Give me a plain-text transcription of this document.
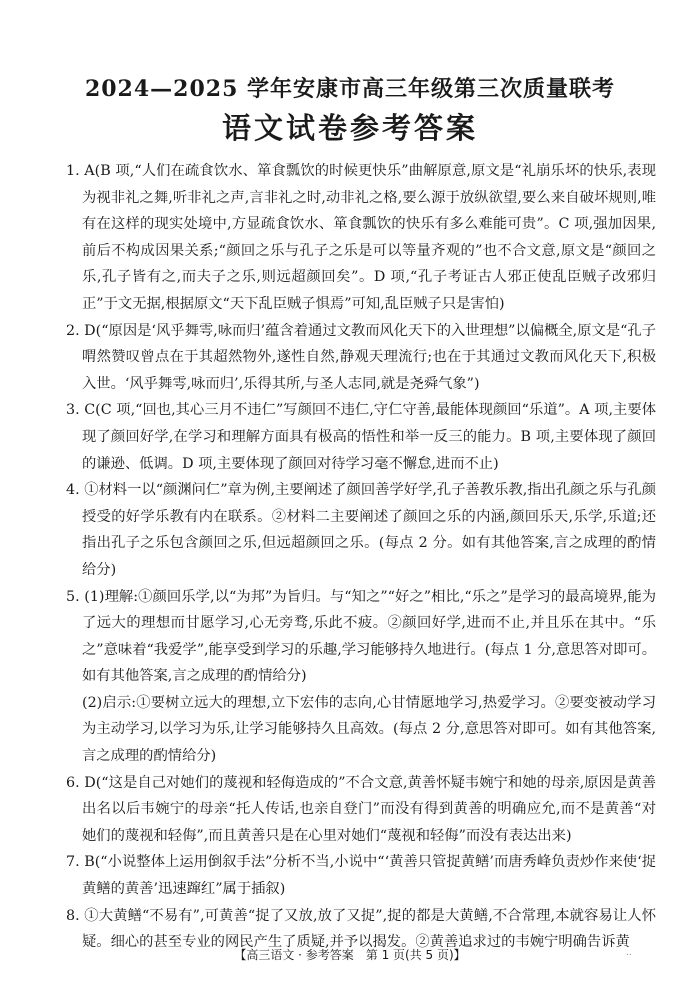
2024—2025 学年安康市高三年级第三次质量联考
语文试卷参考答案
1. A(B 项,“人们在疏食饮水、箪食瓢饮的时候更快乐”曲解原意,原文是“礼崩乐坏的快乐,表现为视非礼之舞,听非礼之声,言非礼之时,动非礼之格,要么源于放纵欲望,要么来自破坏规则,唯有在这样的现实处境中,方显疏食饮水、箪食瓢饮的快乐有多么难能可贵”。C 项,强加因果,前后不构成因果关系;“颜回之乐与孔子之乐是可以等量齐观的”也不合文意,原文是“颜回之乐,孔子皆有之,而夫子之乐,则远超颜回矣”。D 项,“孔子考证古人邪正使乱臣贼子改邪归正”于文无据,根据原文“天下乱臣贼子惧焉”可知,乱臣贼子只是害怕)
2. D(“原因是‘风乎舞雩,咏而归’蕴含着通过文教而风化天下的入世理想”以偏概全,原文是“孔子喟然赞叹曾点在于其超然物外,遂性自然,静观天理流行;也在于其通过文教而风化天下,积极入世。‘风乎舞雩,咏而归’,乐得其所,与圣人志同,就是尧舜气象”)
3. C(C 项,“回也,其心三月不违仁”写颜回不违仁,守仁守善,最能体现颜回“乐道”。A 项,主要体现了颜回好学,在学习和理解方面具有极高的悟性和举一反三的能力。B 项,主要体现了颜回的谦逊、低调。D 项,主要体现了颜回对待学习毫不懈怠,进而不止)
4. ①材料一以“颜渊问仁”章为例,主要阐述了颜回善学好学,孔子善教乐教,指出孔颜之乐与孔颜授受的好学乐教有内在联系。②材料二主要阐述了颜回之乐的内涵,颜回乐天,乐学,乐道;还指出孔子之乐包含颜回之乐,但远超颜回之乐。(每点 2 分。如有其他答案,言之成理的酌情给分)
5. (1)理解:①颜回乐学,以“为邦”为旨归。与“知之”“好之”相比,“乐之”是学习的最高境界,能为了远大的理想而甘愿学习,心无旁骛,乐此不疲。②颜回好学,进而不止,并且乐在其中。“乐之”意味着“我爱学”,能享受到学习的乐趣,学习能够持久地进行。(每点 1 分,意思答对即可。如有其他答案,言之成理的酌情给分)
(2)启示:①要树立远大的理想,立下宏伟的志向,心甘情愿地学习,热爱学习。②要变被动学习为主动学习,以学习为乐,让学习能够持久且高效。(每点 2 分,意思答对即可。如有其他答案,言之成理的酌情给分)
6. D(“这是自己对她们的蔑视和轻侮造成的”不合文意,黄善怀疑韦婉宁和她的母亲,原因是黄善出名以后韦婉宁的母亲“托人传话,也亲自登门”而没有得到黄善的明确应允,而不是黄善“对她们的蔑视和轻侮”,而且黄善只是在心里对她们“蔑视和轻侮”而没有表达出来)
7. B(“小说整体上运用倒叙手法”分析不当,小说中“‘黄善只管捉黄鳝’而唐秀峰负责炒作来使‘捉黄鳝的黄善’迅速蹿红”属于插叙)
8. ①大黄鳝“不易有”,可黄善“捉了又放,放了又捉”,捉的都是大黄鳝,不合常理,本就容易让人怀疑。细心的甚至专业的网民产生了质疑,并予以揭发。②黄善追求过的韦婉宁明确告诉黄
【高三语文 · 参考答案　第 1 页(共 5 页)】	..
